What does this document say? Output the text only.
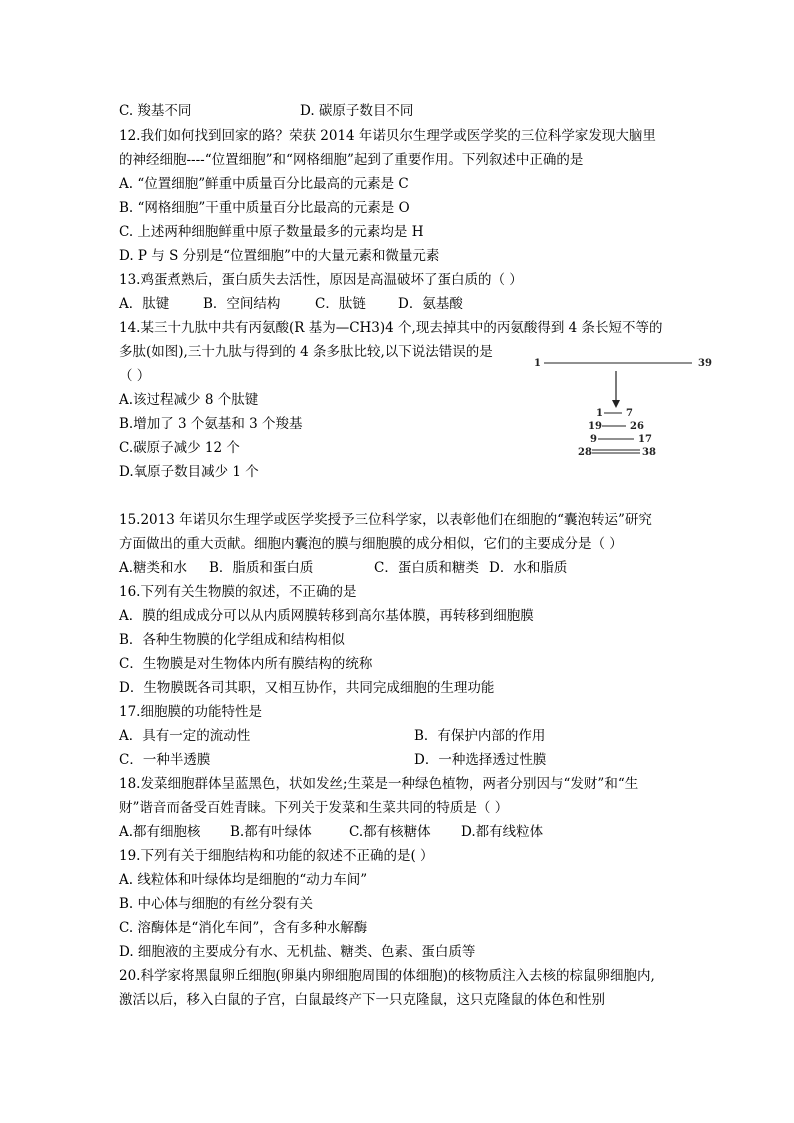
C. 羧基不同	D. 碳原子数目不同
12.我们如何找到回家的路？荣获 2014 年诺贝尔生理学或医学奖的三位科学家发现大脑里
的神经细胞----“位置细胞”和“网格细胞”起到了重要作用。下列叙述中正确的是
A. “位置细胞”鲜重中质量百分比最高的元素是 C
B. “网格细胞”干重中质量百分比最高的元素是 O
C. 上述两种细胞鲜重中原子数量最多的元素均是 H
D. P 与 S 分别是“位置细胞”中的大量元素和微量元素
13.鸡蛋煮熟后，蛋白质失去活性，原因是高温破坏了蛋白质的（ ）
A．肽键	B．空间结构	C．肽链 D．氨基酸
14.某三十九肽中共有丙氨酸(R 基为—CH3)4 个,现去掉其中的丙氨酸得到 4 条长短不等的
多肽(如图),三十九肽与得到的 4 条多肽比较,以下说法错误的是
（ ）
A.该过程减少 8 个肽键
B.增加了 3 个氨基和 3 个羧基
C.碳原子减少 12 个
D.氧原子数目减少 1 个
1	39
1 7
19	26
9	17
28	38
15.2013 年诺贝尔生理学或医学奖授予三位科学家，以表彰他们在细胞的“囊泡转运”研究
方面做出的重大贡献。细胞内囊泡的膜与细胞膜的成分相似，它们的主要成分是（ ）
A.糖类和水 B．脂质和蛋白质	C．蛋白质和糖类 D．水和脂质
16.下列有关生物膜的叙述，不正确的是
A．膜的组成成分可以从内质网膜转移到高尔基体膜，再转移到细胞膜
B．各种生物膜的化学组成和结构相似
C．生物膜是对生物体内所有膜结构的统称
D．生物膜既各司其职，又相互协作，共同完成细胞的生理功能
17.细胞膜的功能特性是
A．具有一定的流动性	B．有保护内部的作用
C．一种半透膜	D．一种选择透过性膜
18.发菜细胞群体呈蓝黑色，状如发丝;生菜是一种绿色植物，两者分别因与“发财”和“生
财”谐音而备受百姓青睐。下列关于发菜和生菜共同的特质是（ ）
A.都有细胞核 B.都有叶绿体	C.都有核糖体 D.都有线粒体
19.下列有关于细胞结构和功能的叙述不正确的是( ）
A. 线粒体和叶绿体均是细胞的“动力车间”
B. 中心体与细胞的有丝分裂有关
C. 溶酶体是“消化车间”，含有多种水解酶
D. 细胞液的主要成分有水、无机盐、糖类、色素、蛋白质等
20.科学家将黑鼠卵丘细胞(卵巢内卵细胞周围的体细胞)的核物质注入去核的棕鼠卵细胞内,
激活以后，移入白鼠的子宫，白鼠最终产下一只克隆鼠，这只克隆鼠的体色和性别
